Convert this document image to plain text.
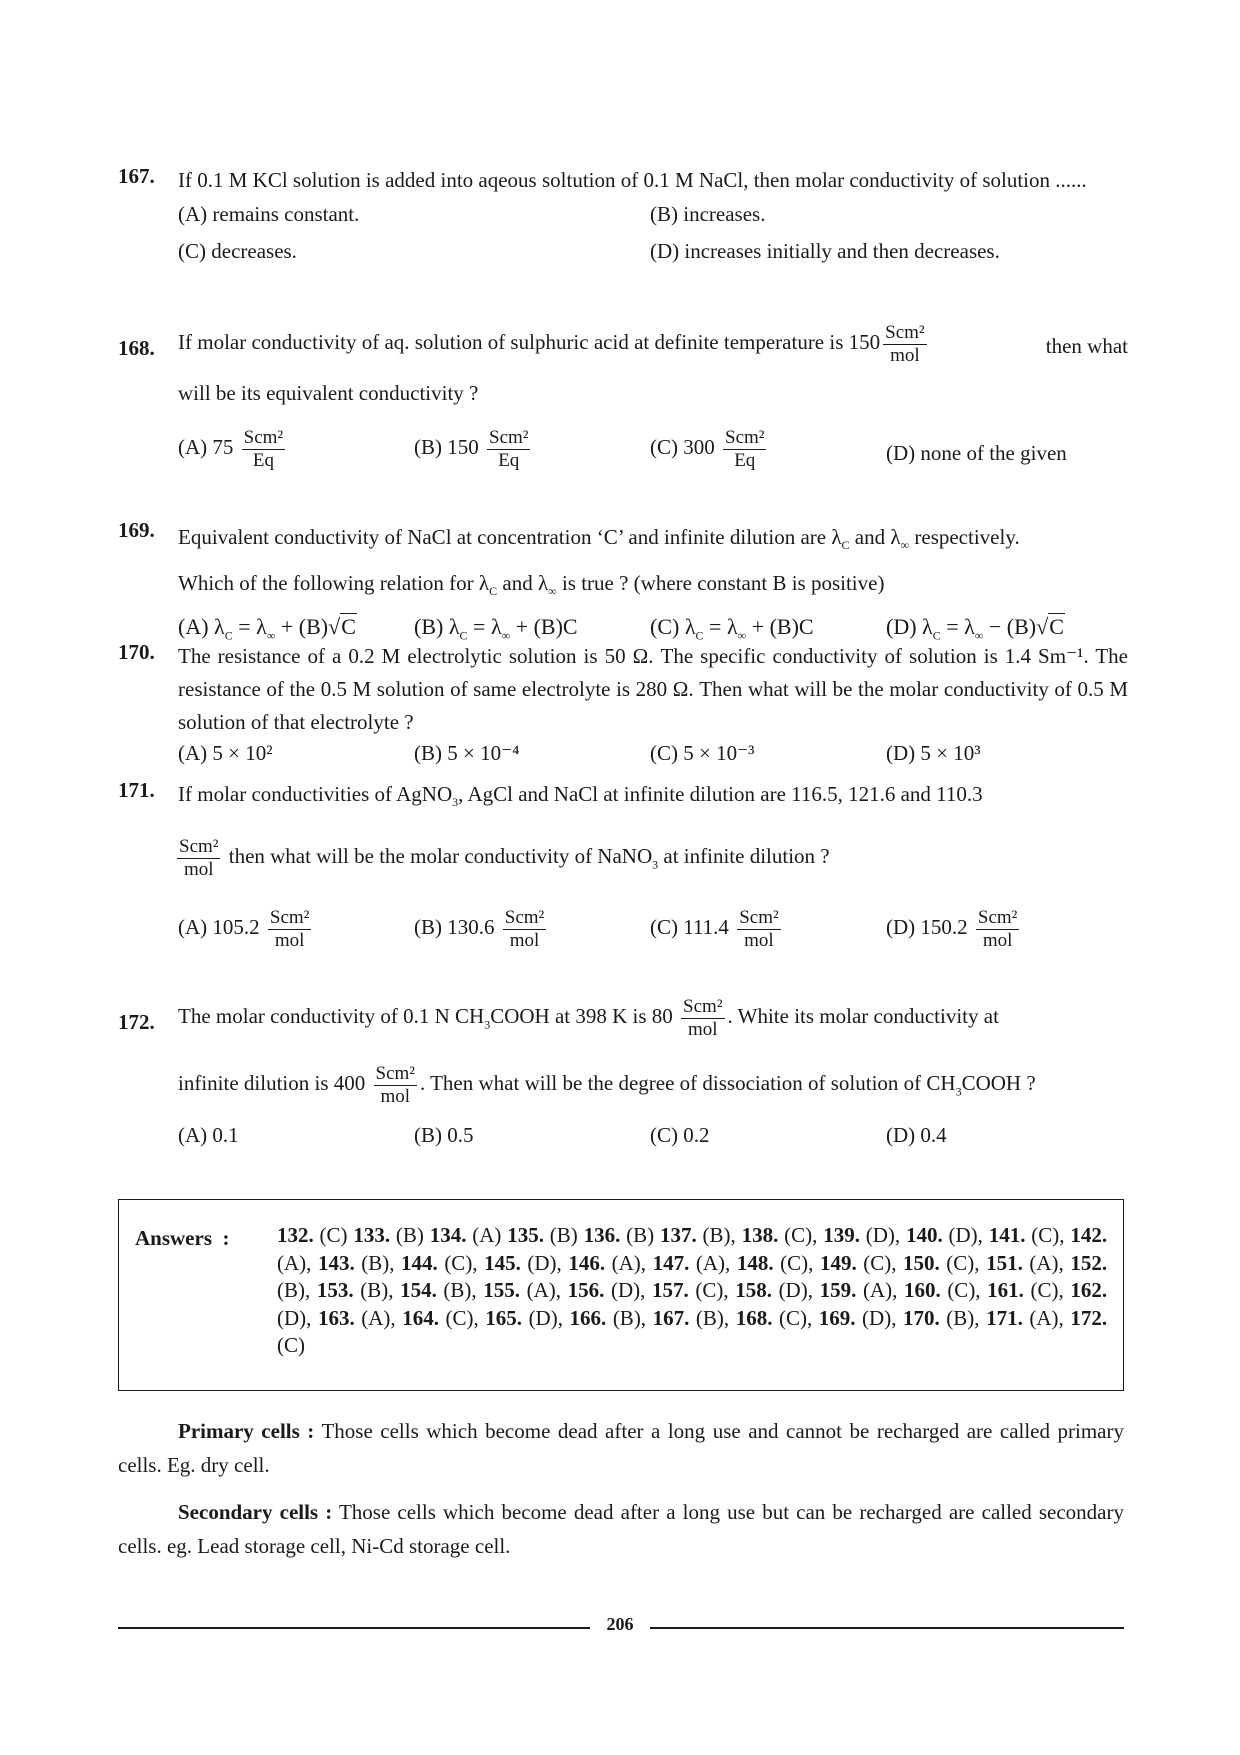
167. If 0.1 M KCl solution is added into aqeous soltution of 0.1 M NaCl, then molar conductivity of solution ......
(A) remains constant.	(B) increases.
(C) decreases.	(D) increases initially and then decreases.
168. If molar conductivity of aq. solution of sulphuric acid at definite temperature is $150 \frac{\text{Scm²}}{\text{mol}}$	then what
will be its equivalent conductivity ?
(A) $75 \frac{\text{Scm²}}{Eq}$	(B) $150 \frac{\text{Scm²}}{Eq}$	(C) $300 \frac{\text{Scm²}}{Eq}$	(D) none of the given
169. Equivalent conductivity of NaCl at concentration ‘C’ and infinite dilution are $\lambda_C$ and $\lambda_\infty$ respectively.
Which of the following relation for $\lambda_C$ and $\lambda_\infty$ is true ? (where constant B is positive)
(A) $\lambda_C = \lambda_\infty + (B)√C$	(B) $\lambda_C = \lambda_\infty + (B)C$	(C) $\lambda_C = \lambda_\infty + (B)C$	(D) $\lambda_C = \lambda_\infty - (B)√C$
170. The resistance of a 0.2 M electrolytic solution is 50 Ω. The specific conductivity of solution is 1.4 Sm⁻¹. The resistance of the 0.5 M solution of same electrolyte is 280 Ω. Then what will be the molar conductivity of 0.5 M solution of that electrolyte ?
(A) 5 × 10²	(B) 5 × 10⁻⁴	(C) 5 × 10⁻³	(D) 5 × 10³
171. If molar conductivities of AgNO$_3$, AgCl and NaCl at infinite dilution are 116.5, 121.6 and 110.3
$\frac{\text{Scm²}}{\text{mol}}$ then what will be the molar conductivity of NaNO$_3$ at infinite dilution ?
(A) $105.2 \frac{\text{Scm²}}{\text{mol}}$	(B) $130.6 \frac{\text{Scm²}}{\text{mol}}$	(C) $111.4 \frac{\text{Scm²}}{\text{mol}}$	(D) $150.2 \frac{\text{Scm²}}{\text{mol}}$
172. The molar conductivity of 0.1 N $CH_3COOH$ at 398 K is $80 \frac{\text{Scm²}}{\text{mol}}$ . White its molar conductivity at
infinite dilution is $400 \frac{\text{Scm²}}{\text{mol}}$ . Then what will be the degree of dissociation of solution of $CH_3COOH$ ?
(A) 0.1	(B) 0.5	(C) 0.2	(D) 0.4
Answers : 132. (C) 133. (B) 134. (A) 135. (B) 136. (B) 137. (B), 138. (C), 139. (D), 140. (D), 141. (C), 142. (A), 143. (B), 144. (C), 145. (D), 146. (A), 147. (A), 148. (C), 149. (C), 150. (C), 151. (A), 152. (B), 153. (B), 154. (B), 155. (A), 156. (D), 157. (C), 158. (D), 159. (A), 160. (C), 161. (C), 162. (D), 163. (A), 164. (C), 165. (D), 166. (B), 167. (B), 168. (C), 169. (D), 170. (B), 171. (A), 172. (C)
Primary cells : Those cells which become dead after a long use and cannot be recharged are called primary cells. Eg. dry cell.
Secondary cells : Those cells which become dead after a long use but can be recharged are called secondary cells. eg. Lead storage cell, Ni-Cd storage cell.
206
